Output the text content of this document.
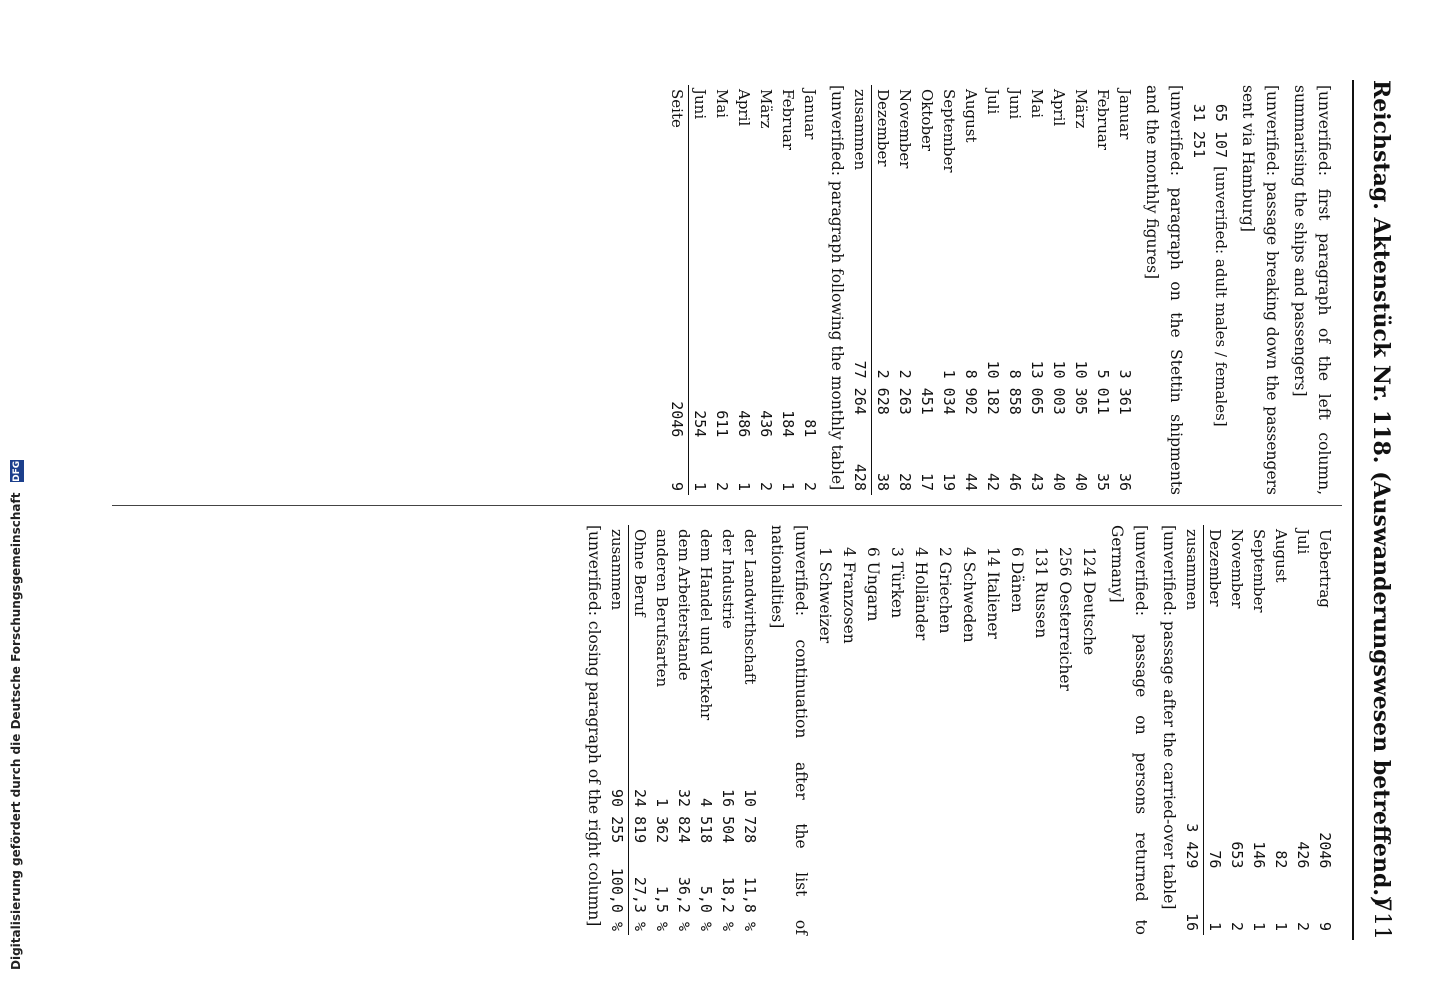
Reichstag. Aktenstück Nr. 118. (Auswanderungswesen betreffend.)
711

[unverified: first paragraph of the left column, summarising the ships and passengers]

[unverified: passage breaking down the passengers sent via Hamburg]

65 107	[unverified: adult males / females]
31 251	

[unverified: paragraph on the Stettin shipments and the monthly figures]

Januar	3 361	36
Februar	5 011	35
März	10 305	40
April	10 003	40
Mai	13 065	43
Juni	8 858	46
Juli	10 182	42
August	8 902	44
September	1 034	19
Oktober	451	17
November	2 263	28
Dezember	2 628	38
zusammen	77 264	428

[unverified: paragraph following the monthly table]

Januar	81	2
Februar	184	1
März	436	2
April	486	1
Mai	611	2
Juni	254	1
Seite	2046	9
Uebertrag	2046	9
Juli	426	2
August	82	1
September	146	1
November	653	2
Dezember	76	1
zusammen	3 429	16

[unverified: passage after the carried-over table]

[unverified: passage on persons returned to Germany]

124 Deutsche
256 Oesterreicher
131 Russen
6 Dänen
14 Italiener
4 Schweden
2 Griechen
4 Holländer
3 Türken
6 Ungarn
4 Franzosen
1 Schweizer

[unverified: continuation after the list of nationalities]

der Landwirthschaft	10 728	11,8 %
der Industrie	16 504	18,2 %
dem Handel und Verkehr	4 518	5,0 %
dem Arbeiterstande	32 824	36,2 %
anderen Berufsarten	1 362	1,5 %
Ohne Beruf	24 819	27,3 %
zusammen	90 255	100,0 %

[unverified: closing paragraph of the right column]

Digitalisierung gefördert durch die Deutsche Forschungsgemeinschaft DFG
